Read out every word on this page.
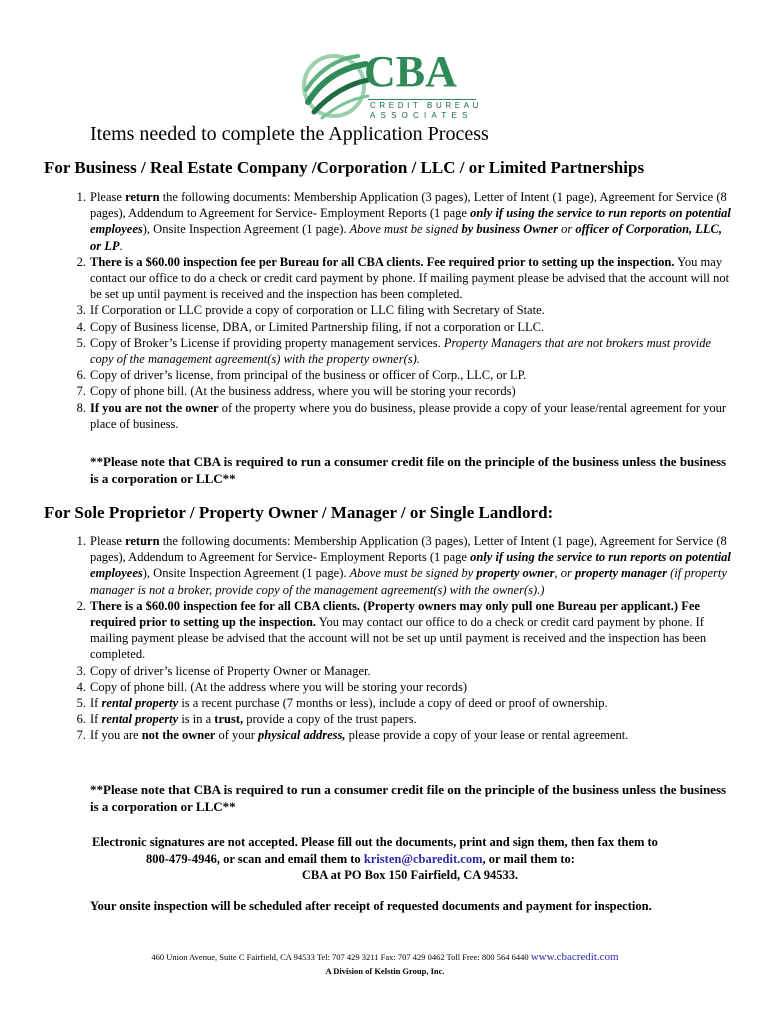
CBA
CREDIT BUREAU
ASSOCIATES
Items needed to complete the Application Process
For Business / Real Estate Company /Corporation / LLC / or Limited Partnerships
1. Please return the following documents: Membership Application (3 pages), Letter of Intent (1 page), Agreement for Service (8 pages), Addendum to Agreement for Service- Employment Reports (1 page only if using the service to run reports on potential employees), Onsite Inspection Agreement (1 page). Above must be signed by business Owner or officer of Corporation, LLC, or LP.
2. There is a $60.00 inspection fee per Bureau for all CBA clients. Fee required prior to setting up the inspection. You may contact our office to do a check or credit card payment by phone. If mailing payment please be advised that the account will not be set up until payment is received and the inspection has been completed.
3. If Corporation or LLC provide a copy of corporation or LLC filing with Secretary of State.
4. Copy of Business license, DBA, or Limited Partnership filing, if not a corporation or LLC.
5. Copy of Broker’s License if providing property management services. Property Managers that are not brokers must provide copy of the management agreement(s) with the property owner(s).
6. Copy of driver’s license, from principal of the business or officer of Corp., LLC, or LP.
7. Copy of phone bill. (At the business address, where you will be storing your records)
8. If you are not the owner of the property where you do business, please provide a copy of your lease/rental agreement for your place of business.
**Please note that CBA is required to run a consumer credit file on the principle of the business unless the business is a corporation or LLC**
For Sole Proprietor / Property Owner / Manager / or Single Landlord:
1. Please return the following documents: Membership Application (3 pages), Letter of Intent (1 page), Agreement for Service (8 pages), Addendum to Agreement for Service- Employment Reports (1 page only if using the service to run reports on potential employees), Onsite Inspection Agreement (1 page). Above must be signed by property owner, or property manager (if property manager is not a broker, provide copy of the management agreement(s) with the owner(s).)
2. There is a $60.00 inspection fee for all CBA clients. (Property owners may only pull one Bureau per applicant.) Fee required prior to setting up the inspection. You may contact our office to do a check or credit card payment by phone. If mailing payment please be advised that the account will not be set up until payment is received and the inspection has been completed.
3. Copy of driver’s license of Property Owner or Manager.
4. Copy of phone bill. (At the address where you will be storing your records)
5. If rental property is a recent purchase (7 months or less), include a copy of deed or proof of ownership.
6. If rental property is in a trust, provide a copy of the trust papers.
7. If you are not the owner of your physical address, please provide a copy of your lease or rental agreement.
**Please note that CBA is required to run a consumer credit file on the principle of the business unless the business is a corporation or LLC**
Electronic signatures are not accepted. Please fill out the documents, print and sign them, then fax them to
800-479-4946, or scan and email them to kristen@cbaredit.com, or mail them to:
CBA at PO Box 150 Fairfield, CA 94533.
Your onsite inspection will be scheduled after receipt of requested documents and payment for inspection.
460 Union Avenue, Suite C Fairfield, CA 94533 Tel: 707 429 3211 Fax: 707 429 0462 Toll Free: 800 564 6440 www.cbacredit.com
A Division of Kelstin Group, Inc.
